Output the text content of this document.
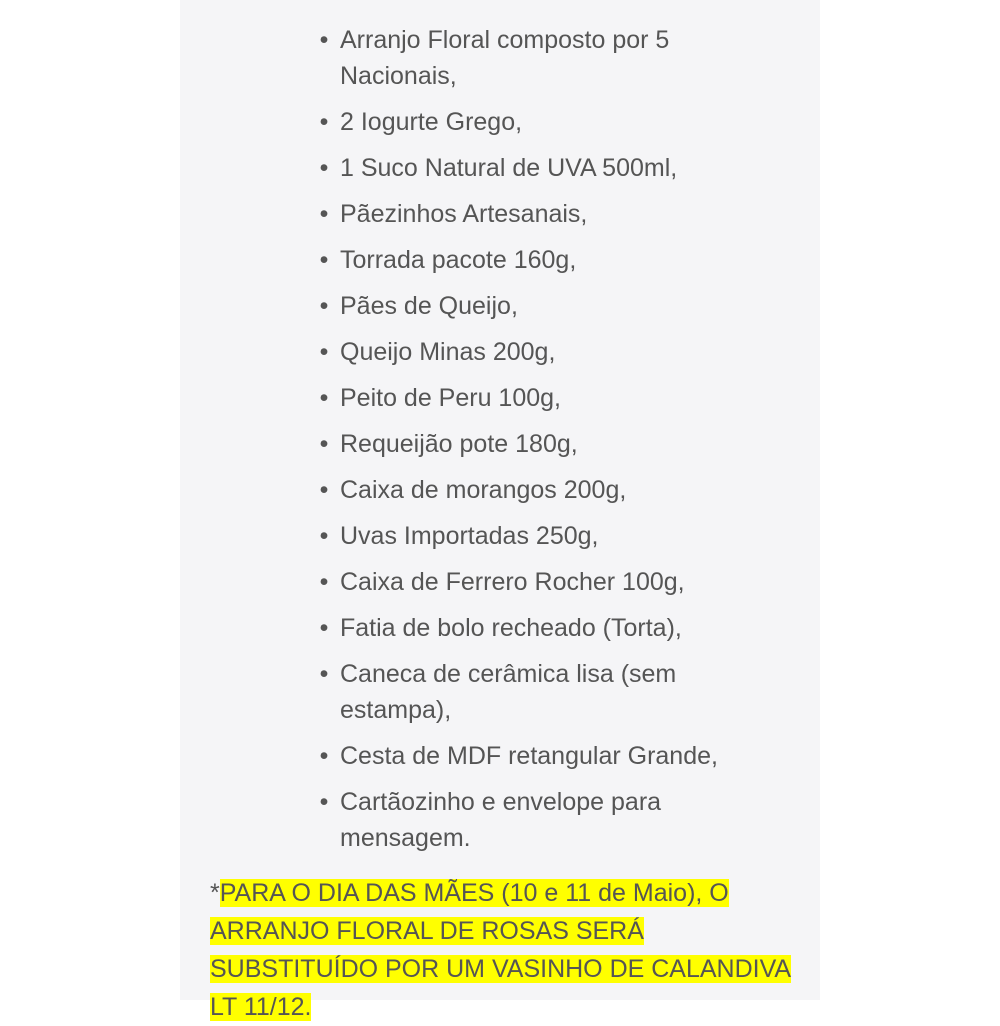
• Arranjo Floral composto por 5 Nacionais,
• 2 Iogurte Grego,
• 1 Suco Natural de UVA 500ml,
• Pãezinhos Artesanais,
• Torrada pacote 160g,
• Pães de Queijo,
• Queijo Minas 200g,
• Peito de Peru 100g,
• Requeijão pote 180g,
• Caixa de morangos 200g,
• Uvas Importadas 250g,
• Caixa de Ferrero Rocher 100g,
• Fatia de bolo recheado (Torta),
• Caneca de cerâmica lisa (sem estampa),
• Cesta de MDF retangular Grande,
• Cartãozinho e envelope para mensagem.

*PARA O DIA DAS MÃES (10 e 11 de Maio), O ARRANJO FLORAL DE ROSAS SERÁ SUBSTITUÍDO POR UM VASINHO DE CALANDIVA LT 11/12.
